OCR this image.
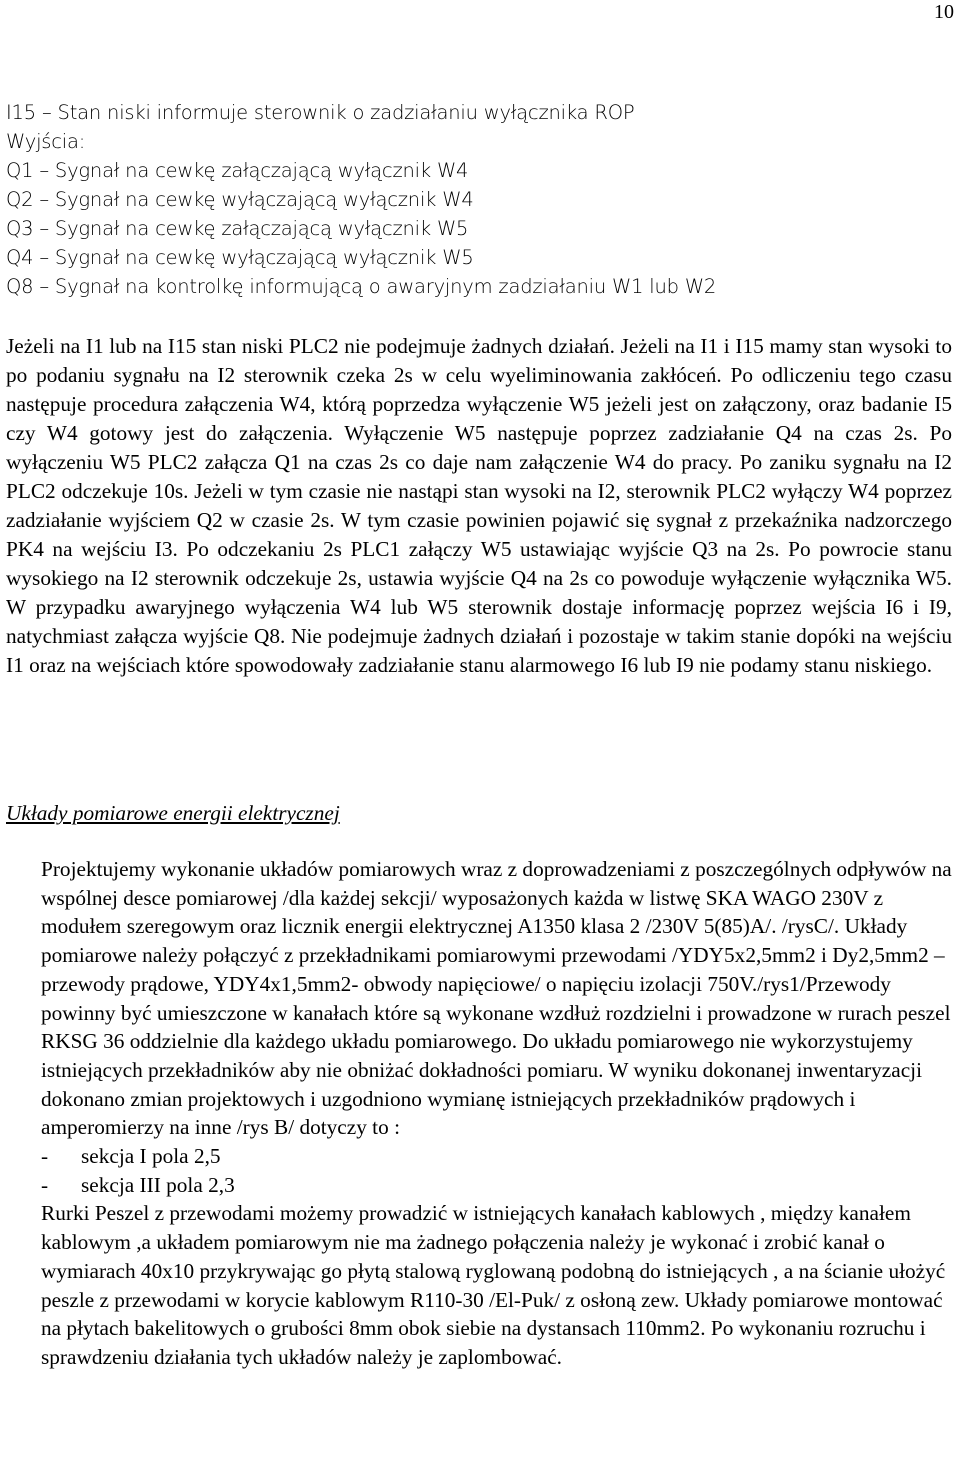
10
I15 – Stan niski informuje sterownik o zadziałaniu wyłącznika ROP
Wyjścia:
Q1 – Sygnał na cewkę załączającą wyłącznik W4
Q2 – Sygnał na cewkę wyłączającą wyłącznik W4
Q3 – Sygnał na cewkę załączającą wyłącznik W5
Q4 – Sygnał na cewkę wyłączającą wyłącznik W5
Q8 – Sygnał na kontrolkę informującą o awaryjnym zadziałaniu W1 lub W2

Jeżeli na I1 lub na I15 stan niski PLC2 nie podejmuje żadnych działań. Jeżeli na I1 i I15 mamy stan wysoki to po podaniu sygnału na I2 sterownik czeka 2s w celu wyeliminowania zakłóceń. Po odliczeniu tego czasu następuje procedura załączenia W4, którą poprzedza wyłączenie W5 jeżeli jest on załączony, oraz badanie I5 czy W4 gotowy jest do załączenia. Wyłączenie W5 następuje poprzez zadziałanie Q4 na czas 2s. Po wyłączeniu W5 PLC2 załącza Q1 na czas 2s co daje nam załączenie W4 do pracy. Po zaniku sygnału na I2 PLC2 odczekuje 10s. Jeżeli w tym czasie nie nastąpi stan wysoki na I2, sterownik PLC2 wyłączy W4 poprzez zadziałanie wyjściem Q2 w czasie 2s. W tym czasie powinien pojawić się sygnał z przekaźnika nadzorczego PK4 na wejściu I3. Po odczekaniu 2s PLC1 załączy W5 ustawiając wyjście Q3 na 2s. Po powrocie stanu wysokiego na I2 sterownik odczekuje 2s, ustawia wyjście Q4 na 2s co powoduje wyłączenie wyłącznika W5. W przypadku awaryjnego wyłączenia W4 lub W5 sterownik dostaje informację poprzez wejścia I6 i I9, natychmiast załącza wyjście Q8. Nie podejmuje żadnych działań i pozostaje w takim stanie dopóki na wejściu I1 oraz na wejściach które spowodowały zadziałanie stanu alarmowego I6 lub I9 nie podamy stanu niskiego.

Układy pomiarowe energii elektrycznej
Projektujemy wykonanie układów pomiarowych wraz z doprowadzeniami z poszczególnych odpływów na wspólnej desce pomiarowej /dla każdej sekcji/ wyposażonych każda w listwę SKA WAGO 230V z modułem szeregowym oraz licznik energii elektrycznej A1350 klasa 2 /230V 5(85)A/. /rysC/. Układy pomiarowe należy połączyć z przekładnikami pomiarowymi przewodami /YDY5x2,5mm2 i Dy2,5mm2 – przewody prądowe, YDY4x1,5mm2- obwody napięciowe/ o napięciu izolacji 750V./rys1/Przewody powinny być umieszczone w kanałach które są wykonane wzdłuż rozdzielni i prowadzone w rurach peszel RKSG 36 oddzielnie dla każdego układu pomiarowego. Do układu pomiarowego nie wykorzystujemy istniejących przekładników aby nie obniżać dokładności pomiaru. W wyniku dokonanej inwentaryzacji dokonano zmian projektowych i uzgodniono wymianę istniejących przekładników prądowych i amperomierzy na inne /rys B/ dotyczy to :
- sekcja I pola 2,5
- sekcja III pola 2,3
Rurki Peszel z przewodami możemy prowadzić w istniejących kanałach kablowych , między kanałem kablowym ,a układem pomiarowym nie ma żadnego połączenia należy je wykonać i zrobić kanał o wymiarach 40x10 przykrywając go płytą stalową ryglowaną podobną do istniejących , a na ścianie ułożyć peszle z przewodami w korycie kablowym R110-30 /El-Puk/ z osłoną zew. Układy pomiarowe montować na płytach bakelitowych o grubości 8mm obok siebie na dystansach 110mm2. Po wykonaniu rozruchu i sprawdzeniu działania tych układów należy je zaplombować.
